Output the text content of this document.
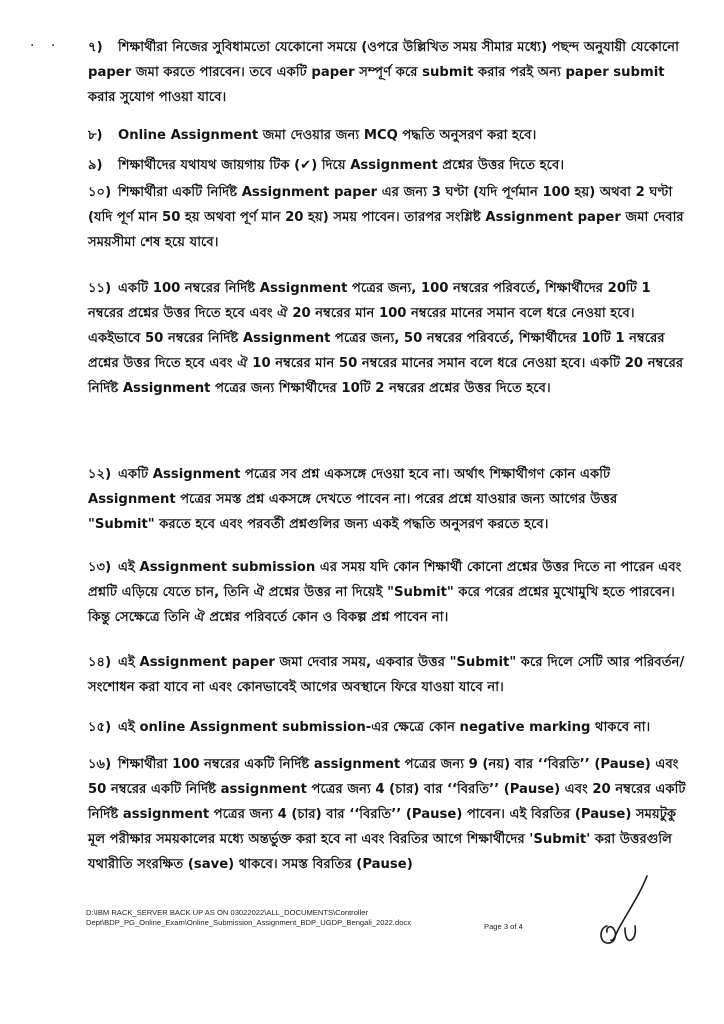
. . ৭) শিক্ষার্থীরা নিজের সুবিধামতো যেকোনো সময়ে (ওপরে উল্লিখিত সময় সীমার মধ্যে) পছন্দ অনুযায়ী যেকোনো paper জমা করতে পারবেন। তবে একটি paper সম্পূর্ণ করে submit করার পরই অন্য paper submit করার সুযোগ পাওয়া যাবে।
৮) Online Assignment জমা দেওয়ার জন্য MCQ পদ্ধতি অনুসরণ করা হবে।
৯) শিক্ষার্থীদের যথাযথ জায়গায় টিক (✔) দিয়ে Assignment প্রশ্নের উত্তর দিতে হবে।
১০) শিক্ষার্থীরা একটি নির্দিষ্ট Assignment paper এর জন্য 3 ঘণ্টা (যদি পূর্ণমান 100 হয়) অথবা 2 ঘণ্টা (যদি পূর্ণ মান 50 হয় অথবা পূর্ণ মান 20 হয়) সময় পাবেন। তারপর সংশ্লিষ্ট Assignment paper জমা দেবার সময়সীমা শেষ হয়ে যাবে।
১১) একটি 100 নম্বরের নির্দিষ্ট Assignment পত্রের জন্য, 100 নম্বরের পরিবর্তে, শিক্ষার্থীদের 20টি 1 নম্বরের প্রশ্নের উত্তর দিতে হবে এবং ঐ 20 নম্বরের মান 100 নম্বরের মানের সমান বলে ধরে নেওয়া হবে। একইভাবে 50 নম্বরের নির্দিষ্ট Assignment পত্রের জন্য, 50 নম্বরের পরিবর্তে, শিক্ষার্থীদের 10টি 1 নম্বরের প্রশ্নের উত্তর দিতে হবে এবং ঐ 10 নম্বরের মান 50 নম্বরের মানের সমান বলে ধরে নেওয়া হবে। একটি 20 নম্বরের নির্দিষ্ট Assignment পত্রের জন্য শিক্ষার্থীদের 10টি 2 নম্বরের প্রশ্নের উত্তর দিতে হবে।
১২) একটি Assignment পত্রের সব প্রশ্ন একসঙ্গে দেওয়া হবে না। অর্থাৎ শিক্ষার্থীগণ কোন একটি Assignment পত্রের সমস্ত প্রশ্ন একসঙ্গে দেখতে পাবেন না। পরের প্রশ্নে যাওয়ার জন্য আগের উত্তর "Submit" করতে হবে এবং পরবর্তী প্রশ্নগুলির জন্য একই পদ্ধতি অনুসরণ করতে হবে।
১৩) এই Assignment submission এর সময় যদি কোন শিক্ষার্থী কোনো প্রশ্নের উত্তর দিতে না পারেন এবং প্রশ্নটি এড়িয়ে যেতে চান, তিনি ঐ প্রশ্নের উত্তর না দিয়েই "Submit" করে পরের প্রশ্নের মুখোমুখি হতে পারবেন। কিন্তু সেক্ষেত্রে তিনি ঐ প্রশ্নের পরিবর্তে কোন ও বিকল্প প্রশ্ন পাবেন না।
১৪) এই Assignment paper জমা দেবার সময়, একবার উত্তর "Submit" করে দিলে সেটি আর পরিবর্তন/সংশোধন করা যাবে না এবং কোনভাবেই আগের অবস্থানে ফিরে যাওয়া যাবে না।
১৫) এই online Assignment submission-এর ক্ষেত্রে কোন negative marking থাকবে না।
১৬) শিক্ষার্থীরা 100 নম্বরের একটি নির্দিষ্ট assignment পত্রের জন্য 9 (নয়) বার ‘‘বিরতি’’ (Pause) এবং 50 নম্বরের একটি নির্দিষ্ট assignment পত্রের জন্য 4 (চার) বার ‘‘বিরতি’’ (Pause) এবং 20 নম্বরের একটি নির্দিষ্ট assignment পত্রের জন্য 4 (চার) বার ‘‘বিরতি’’ (Pause) পাবেন। এই বিরতির (Pause) সময়টুকু মূল পরীক্ষার সময়কালের মধ্যে অন্তর্ভুক্ত করা হবে না এবং বিরতির আগে শিক্ষার্থীদের 'Submit' করা উত্তরগুলি যথারীতি সংরক্ষিত (save) থাকবে। সমস্ত বিরতির (Pause)
D:\IBM RACK_SERVER BACK UP AS ON 03022022\ALL_DOCUMENTS\Controller
Dept\BDP_PG_Online_Exam\Online_Submission_Assignment_BDP_UGDP_Bengali_2022.docx	Page 3 of 4
